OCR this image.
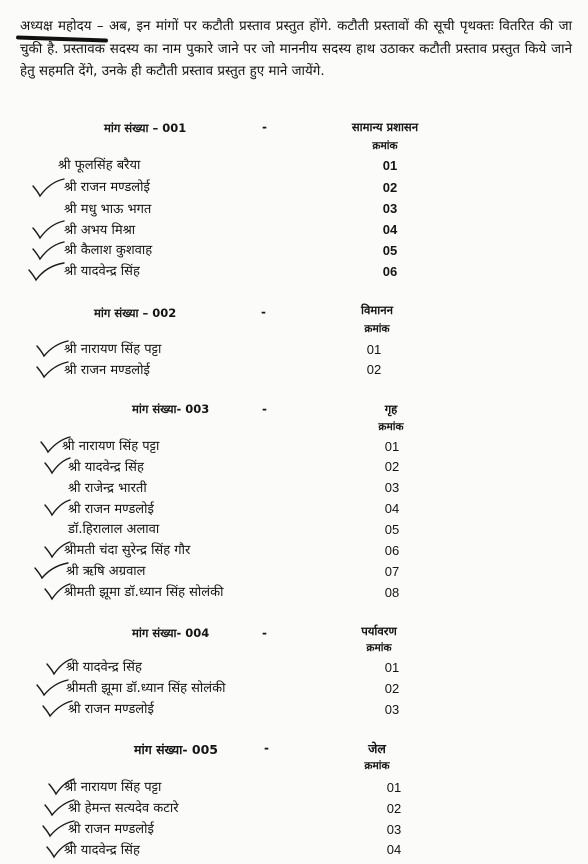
अध्यक्ष महोदय – अब, इन मांगों पर कटौती प्रस्ताव प्रस्तुत होंगे. कटौती प्रस्तावों की सूची पृथक्तः वितरित की जा चुकी है. प्रस्तावक सदस्य का नाम पुकारे जाने पर जो माननीय सदस्य हाथ उठाकर कटौती प्रस्ताव प्रस्तुत किये जाने हेतु सहमति देंगे, उनके ही कटौती प्रस्ताव प्रस्तुत हुए माने जायेंगे.
मांग संख्या – 001	-	सामान्य प्रशासन
क्रमांक
श्री फूलसिंह बरैया	01
श्री राजन मण्डलोई	02
श्री मधु भाऊ भगत	03
श्री अभय मिश्रा	04
श्री कैलाश कुशवाह	05
श्री यादवेन्द्र सिंह	06
मांग संख्या – 002	-	विमानन
क्रमांक
श्री नारायण सिंह पट्टा	01
श्री राजन मण्डलोई	02
मांग संख्या- 003	-	गृह
क्रमांक
श्री नारायण सिंह पट्टा	01
श्री यादवेन्द्र सिंह	02
श्री राजेन्द्र भारती	03
श्री राजन मण्डलोई	04
डॉ.हिरालाल अलावा	05
श्रीमती चंदा सुरेन्द्र सिंह गौर	06
श्री ऋषि अग्रवाल	07
श्रीमती झूमा डॉ.ध्यान सिंह सोलंकी	08
मांग संख्या- 004	-	पर्यावरण
क्रमांक
श्री यादवेन्द्र सिंह	01
श्रीमती झूमा डॉ.ध्यान सिंह सोलंकी	02
श्री राजन मण्डलोई	03
मांग संख्या- 005	-	जेल
क्रमांक
श्री नारायण सिंह पट्टा	01
श्री हेमन्त सत्यदेव कटारे	02
श्री राजन मण्डलोई	03
श्री यादवेन्द्र सिंह	04
